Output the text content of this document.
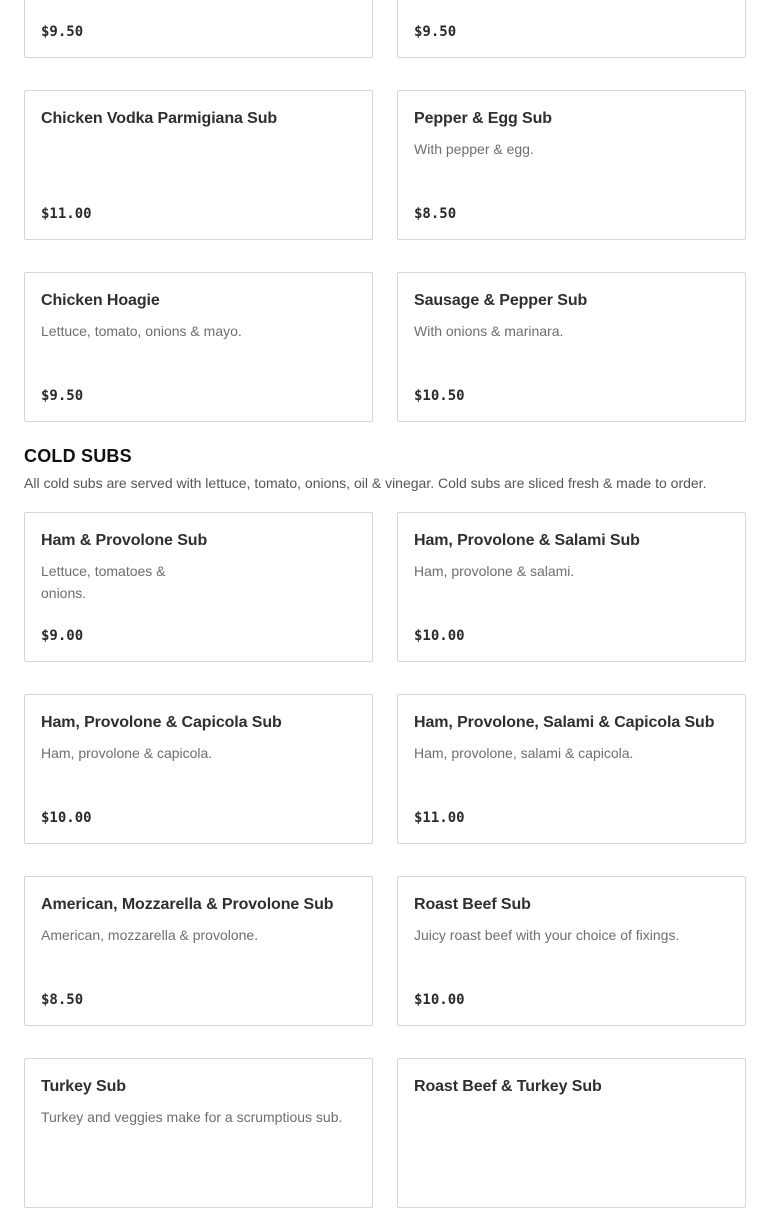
$9.50	$9.50
Chicken Vodka Parmigiana Sub
$11.00
Pepper & Egg Sub
With pepper & egg.
$8.50
Chicken Hoagie
Lettuce, tomato, onions & mayo.
$9.50
Sausage & Pepper Sub
With onions & marinara.
$10.50
COLD SUBS

All cold subs are served with lettuce, tomato, onions, oil & vinegar. Cold subs are sliced fresh & made to order.

Ham & Provolone Sub
Lettuce, tomatoes & onions.
$9.00
Ham, Provolone & Salami Sub
Ham, provolone & salami.
$10.00
Ham, Provolone & Capicola Sub
Ham, provolone & capicola.
$10.00
Ham, Provolone, Salami & Capicola Sub
Ham, provolone, salami & capicola.
$11.00
American, Mozzarella & Provolone Sub
American, mozzarella & provolone.
$8.50
Roast Beef Sub
Juicy roast beef with your choice of fixings.
$10.00
Turkey Sub
Turkey and veggies make for a scrumptious sub.
Roast Beef & Turkey Sub
